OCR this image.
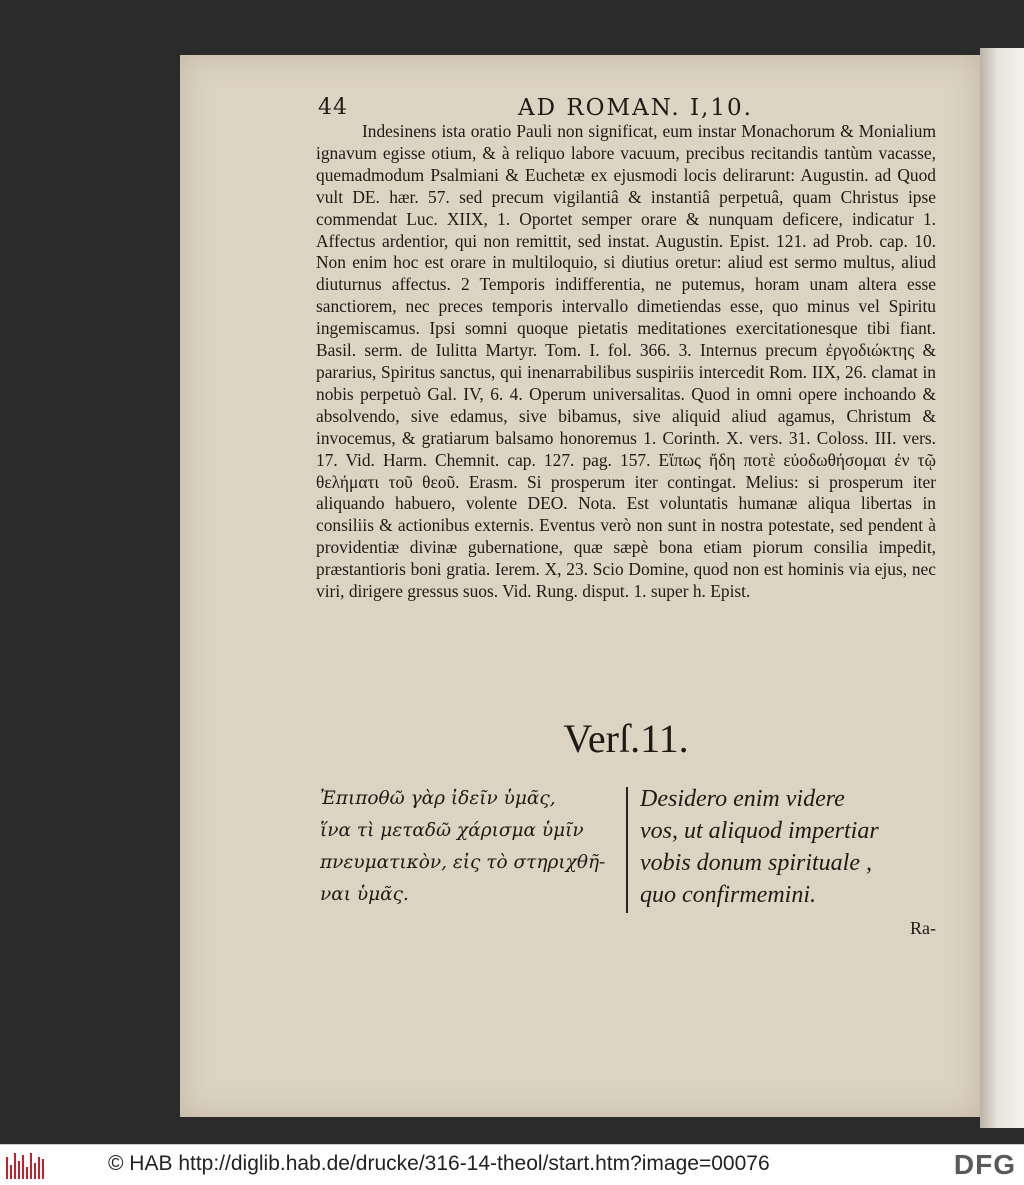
44	AD ROMAN. I,10.

Indesinens ista oratio Pauli non significat, eum instar Monachorum & Monialium ignavum egisse otium, & à reliquo labore vacuum, precibus recitandis tantùm vacasse, quemadmodum Psalmiani & Euchetæ ex ejusmodi locis delirarunt: Augustin. ad Quod vult DE. hær. 57. sed precum vigilantiâ & instantiâ perpetuâ, quam Christus ipse commendat Luc. XIIX, 1. Oportet semper orare & nunquam deficere, indicatur 1. Affectus ardentior, qui non remittit, sed instat. Augustin. Epist. 121. ad Prob. cap. 10. Non enim hoc est orare in multiloquio, si diutius oretur: aliud est sermo multus, aliud diuturnus affectus. 2 Temporis indifferentia, ne putemus, horam unam altera esse sanctiorem, nec preces temporis intervallo dimetiendas esse, quo minus vel Spiritu ingemiscamus. Ipsi somni quoque pietatis meditationes exercitationesque tibi fiant. Basil. serm. de Iulitta Martyr. Tom. I. fol. 366. 3. Internus precum ἐργοδιώκτης & pararius, Spiritus sanctus, qui inenarrabilibus suspiriis intercedit Rom. IIX, 26. clamat in nobis perpetuò Gal. IV, 6. 4. Operum universalitas. Quod in omni opere inchoando & absolvendo, sive edamus, sive bibamus, sive aliquid aliud agamus, Christum & invocemus, & gratiarum balsamo honoremus 1. Corinth. X. vers. 31. Coloss. III. vers. 17. Vid. Harm. Chemnit. cap. 127. pag. 157. Εἴπως ἤδη ποτὲ εὐοδωθήσομαι ἐν τῷ θελήματι τοῦ θεοῦ. Erasm. Si prosperum iter contingat. Melius: si prosperum iter aliquando habuero, volente DEO. Nota. Est voluntatis humanæ aliqua libertas in consiliis & actionibus externis. Eventus verò non sunt in nostra potestate, sed pendent à providentiæ divinæ gubernatione, quæ sæpè bona etiam piorum consilia impedit, præstantioris boni gratia. Ierem. X, 23. Scio Domine, quod non est hominis via ejus, nec viri, dirigere gressus suos. Vid. Rung. disput. 1. super h. Epist.

Verſ.11.
Ἐπιποθῶ γὰρ ἰδεῖν ὑμᾶς,
ἵνα τὶ μεταδῶ χάρισμα ὑμῖν
πνευματικὸν, εἰς τὸ στηριχθῆ-
ναι ὑμᾶς.
Desidero enim videre
vos, ut aliquod impertiar
vobis donum spirituale ,
quo confirmemini.
Ra-
© HAB http://diglib.hab.de/drucke/316-14-theol/start.htm?image=00076	DFG
